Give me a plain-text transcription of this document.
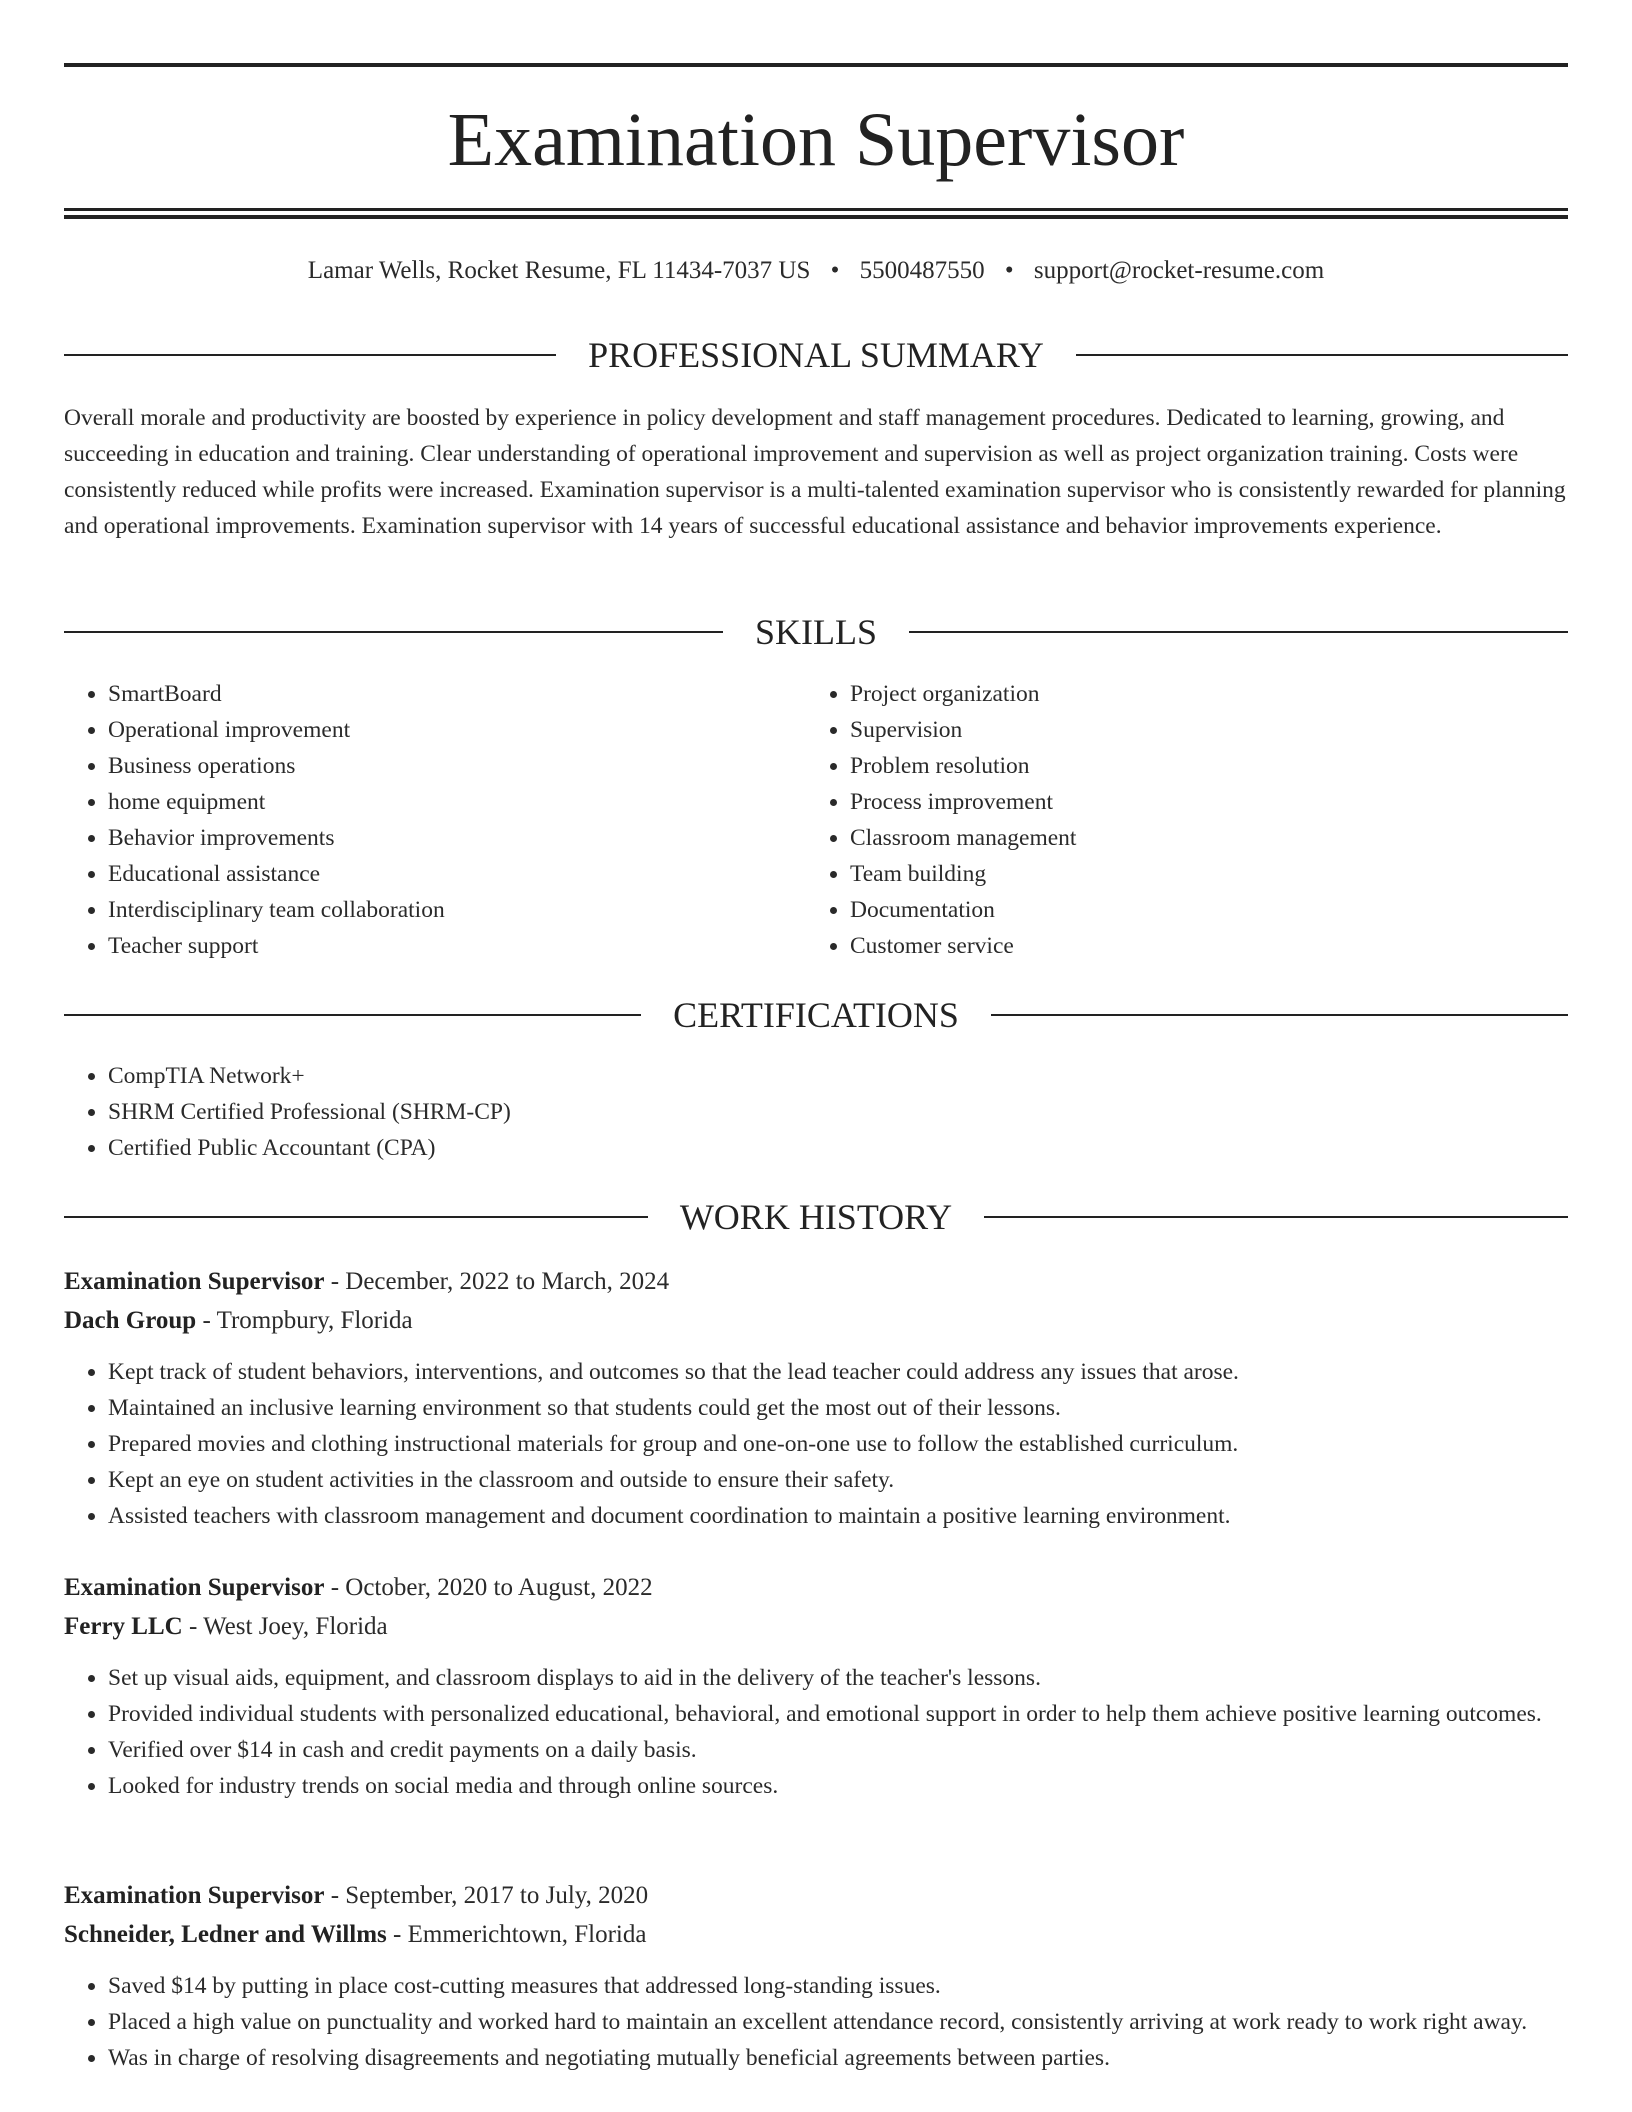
Examination Supervisor
Lamar Wells, Rocket Resume, FL 11434-7037 US • 5500487550 • support@rocket-resume.com
PROFESSIONAL SUMMARY

Overall morale and productivity are boosted by experience in policy development and staff management procedures. Dedicated to learning, growing, and succeeding in education and training. Clear understanding of operational improvement and supervision as well as project organization training. Costs were consistently reduced while profits were increased. Examination supervisor is a multi-talented examination supervisor who is consistently rewarded for planning and operational improvements. Examination supervisor with 14 years of successful educational assistance and behavior improvements experience.

SKILLS
• SmartBoard
• Operational improvement
• Business operations
• home equipment
• Behavior improvements
• Educational assistance
• Interdisciplinary team collaboration
• Teacher support
• Project organization
• Supervision
• Problem resolution
• Process improvement
• Classroom management
• Team building
• Documentation
• Customer service
CERTIFICATIONS
• CompTIA Network+
• SHRM Certified Professional (SHRM-CP)
• Certified Public Accountant (CPA)
WORK HISTORY
Examination Supervisor - December, 2022 to March, 2024
Dach Group - Trompbury, Florida
• Kept track of student behaviors, interventions, and outcomes so that the lead teacher could address any issues that arose.
• Maintained an inclusive learning environment so that students could get the most out of their lessons.
• Prepared movies and clothing instructional materials for group and one-on-one use to follow the established curriculum.
• Kept an eye on student activities in the classroom and outside to ensure their safety.
• Assisted teachers with classroom management and document coordination to maintain a positive learning environment.
Examination Supervisor - October, 2020 to August, 2022
Ferry LLC - West Joey, Florida
• Set up visual aids, equipment, and classroom displays to aid in the delivery of the teacher's lessons.
• Provided individual students with personalized educational, behavioral, and emotional support in order to help them achieve positive learning outcomes.
• Verified over $14 in cash and credit payments on a daily basis.
• Looked for industry trends on social media and through online sources.
Examination Supervisor - September, 2017 to July, 2020
Schneider, Ledner and Willms - Emmerichtown, Florida
• Saved $14 by putting in place cost-cutting measures that addressed long-standing issues.
• Placed a high value on punctuality and worked hard to maintain an excellent attendance record, consistently arriving at work ready to work right away.
• Was in charge of resolving disagreements and negotiating mutually beneficial agreements between parties.
